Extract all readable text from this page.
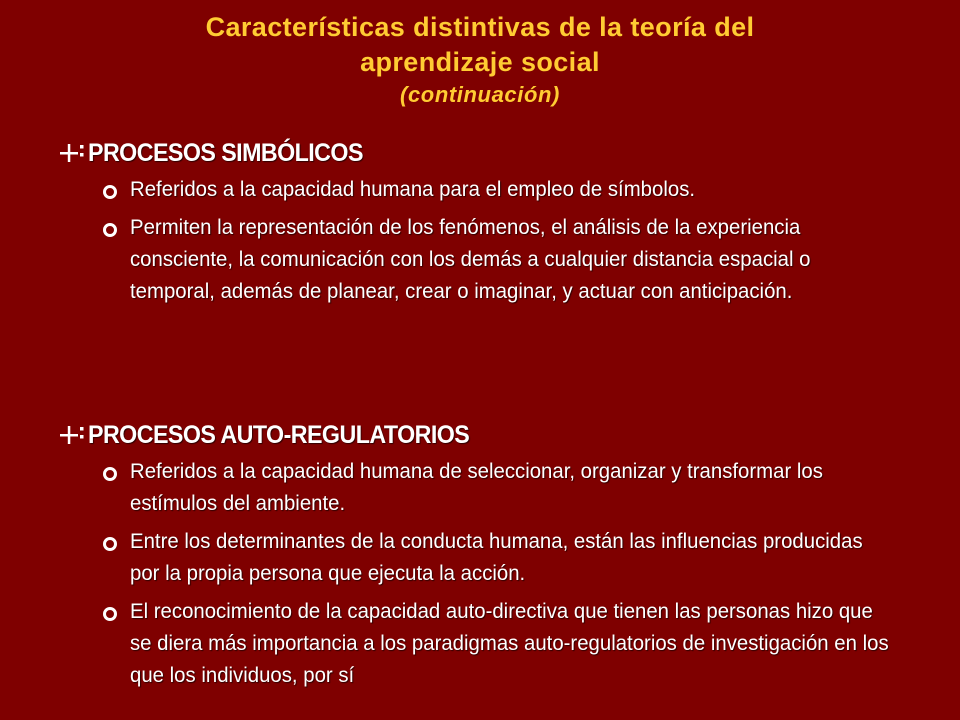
Características distintivas de la teoría del
aprendizaje social
(continuación)
PROCESOS SIMBÓLICOS
Referidos a la capacidad humana para el empleo de símbolos.
Permiten la representación de los fenómenos, el análisis de la experiencia consciente, la comunicación con los demás a cualquier distancia espacial o temporal, además de planear, crear o imaginar, y actuar con anticipación.
PROCESOS AUTO-REGULATORIOS
Referidos a la capacidad humana de seleccionar, organizar y transformar los estímulos del ambiente.
Entre los determinantes de la conducta humana, están las influencias producidas por la propia persona que ejecuta la acción.
El reconocimiento de la capacidad auto-directiva que tienen las personas hizo que se diera más importancia a los paradigmas auto-regulatorios de investigación en los que los individuos, por sí
